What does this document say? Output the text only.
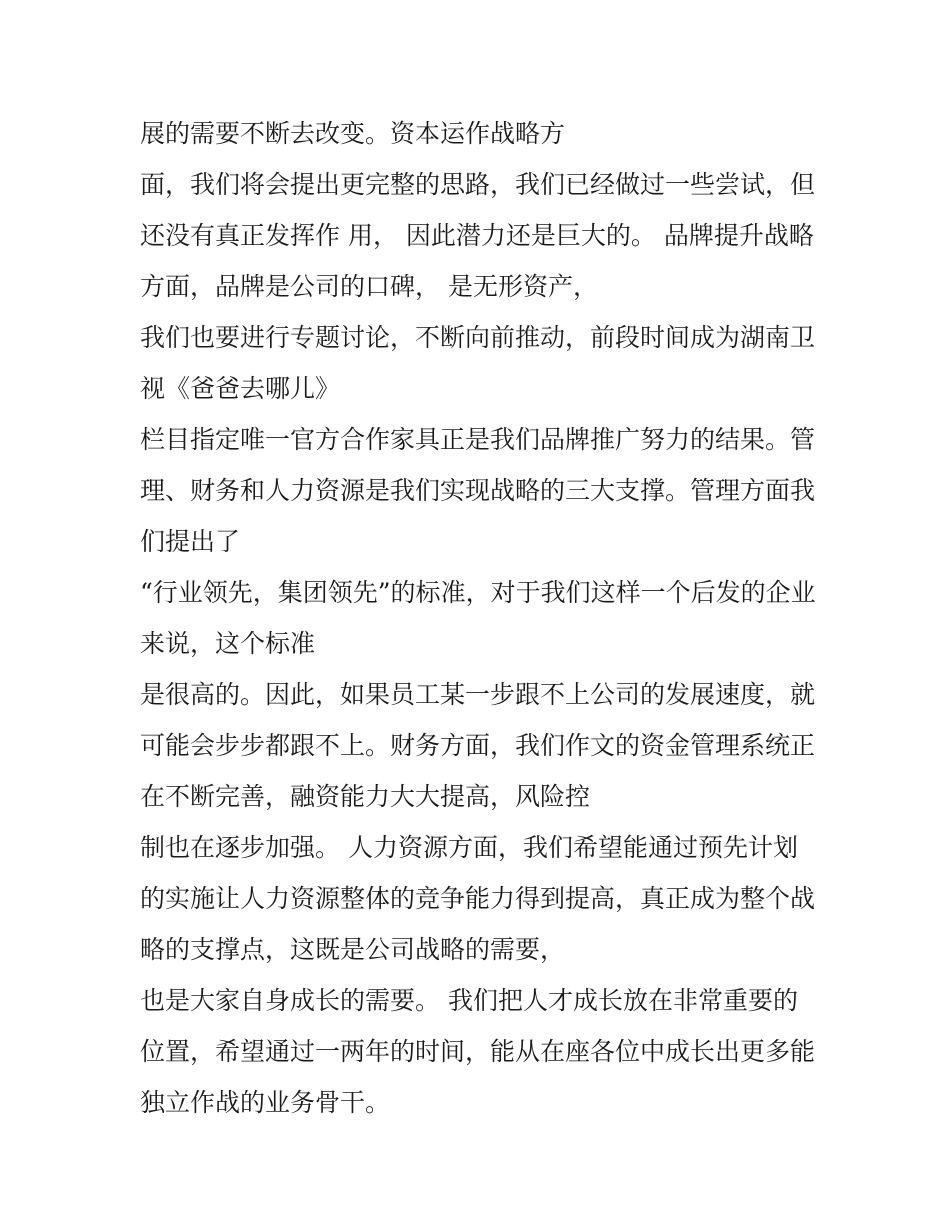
展的需要不断去改变。资本运作战略方
面，我们将会提出更完整的思路，我们已经做过一些尝试，但
还没有真正发挥作 用， 因此潜力还是巨大的。 品牌提升战略
方面，品牌是公司的口碑， 是无形资产，
我们也要进行专题讨论，不断向前推动，前段时间成为湖南卫
视《爸爸去哪儿》
栏目指定唯一官方合作家具正是我们品牌推广努力的结果。管
理、财务和人力资源是我们实现战略的三大支撑。管理方面我
们提出了
“行业领先，集团领先”的标准，对于我们这样一个后发的企业
来说，这个标准
是很高的。因此，如果员工某一步跟不上公司的发展速度，就
可能会步步都跟不上。财务方面，我们作文的资金管理系统正
在不断完善，融资能力大大提高，风险控
制也在逐步加强。 人力资源方面，我们希望能通过预先计划
的实施让人力资源整体的竞争能力得到提高，真正成为整个战
略的支撑点，这既是公司战略的需要，
也是大家自身成长的需要。 我们把人才成长放在非常重要的
位置，希望通过一两年的时间，能从在座各位中成长出更多能
独立作战的业务骨干。
